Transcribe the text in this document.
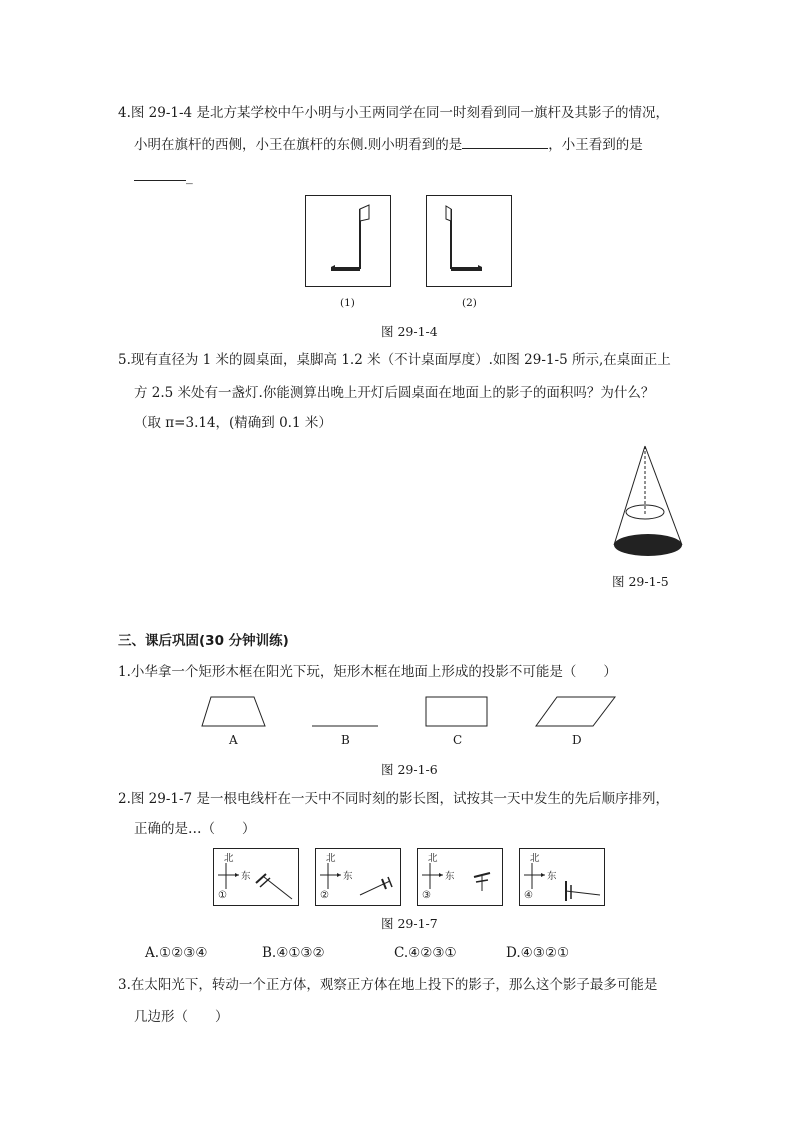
4.图 29-1-4 是北方某学校中午小明与小王两同学在同一时刻看到同一旗杆及其影子的情况，
小明在旗杆的西侧，小王在旗杆的东侧.则小明看到的是	，小王看到的是
_
(1)	(2)
图 29-1-4
5.现有直径为 1 米的圆桌面，桌脚高 1.2 米（不计桌面厚度）.如图 29-1-5 所示,在桌面正上
方 2.5 米处有一盏灯.你能测算出晚上开灯后圆桌面在地面上的影子的面积吗？为什么？
（取 π=3.14，(精确到 0.1 米）
图 29-1-5
三、课后巩固(30 分钟训练)
1.小华拿一个矩形木框在阳光下玩，矩形木框在地面上形成的投影不可能是（　　）
A	B	C	D
图 29-1-6
2.图 29-1-7 是一根电线杆在一天中不同时刻的影长图，试按其一天中发生的先后顺序排列，
正确的是…（　　）
北
东
①
北
东
②
北
东
③
北
东
④
图 29-1-7
A.①②③④	B.④①③②	C.④②③①	D.④③②①
3.在太阳光下，转动一个正方体，观察正方体在地上投下的影子，那么这个影子最多可能是
几边形（　　）
